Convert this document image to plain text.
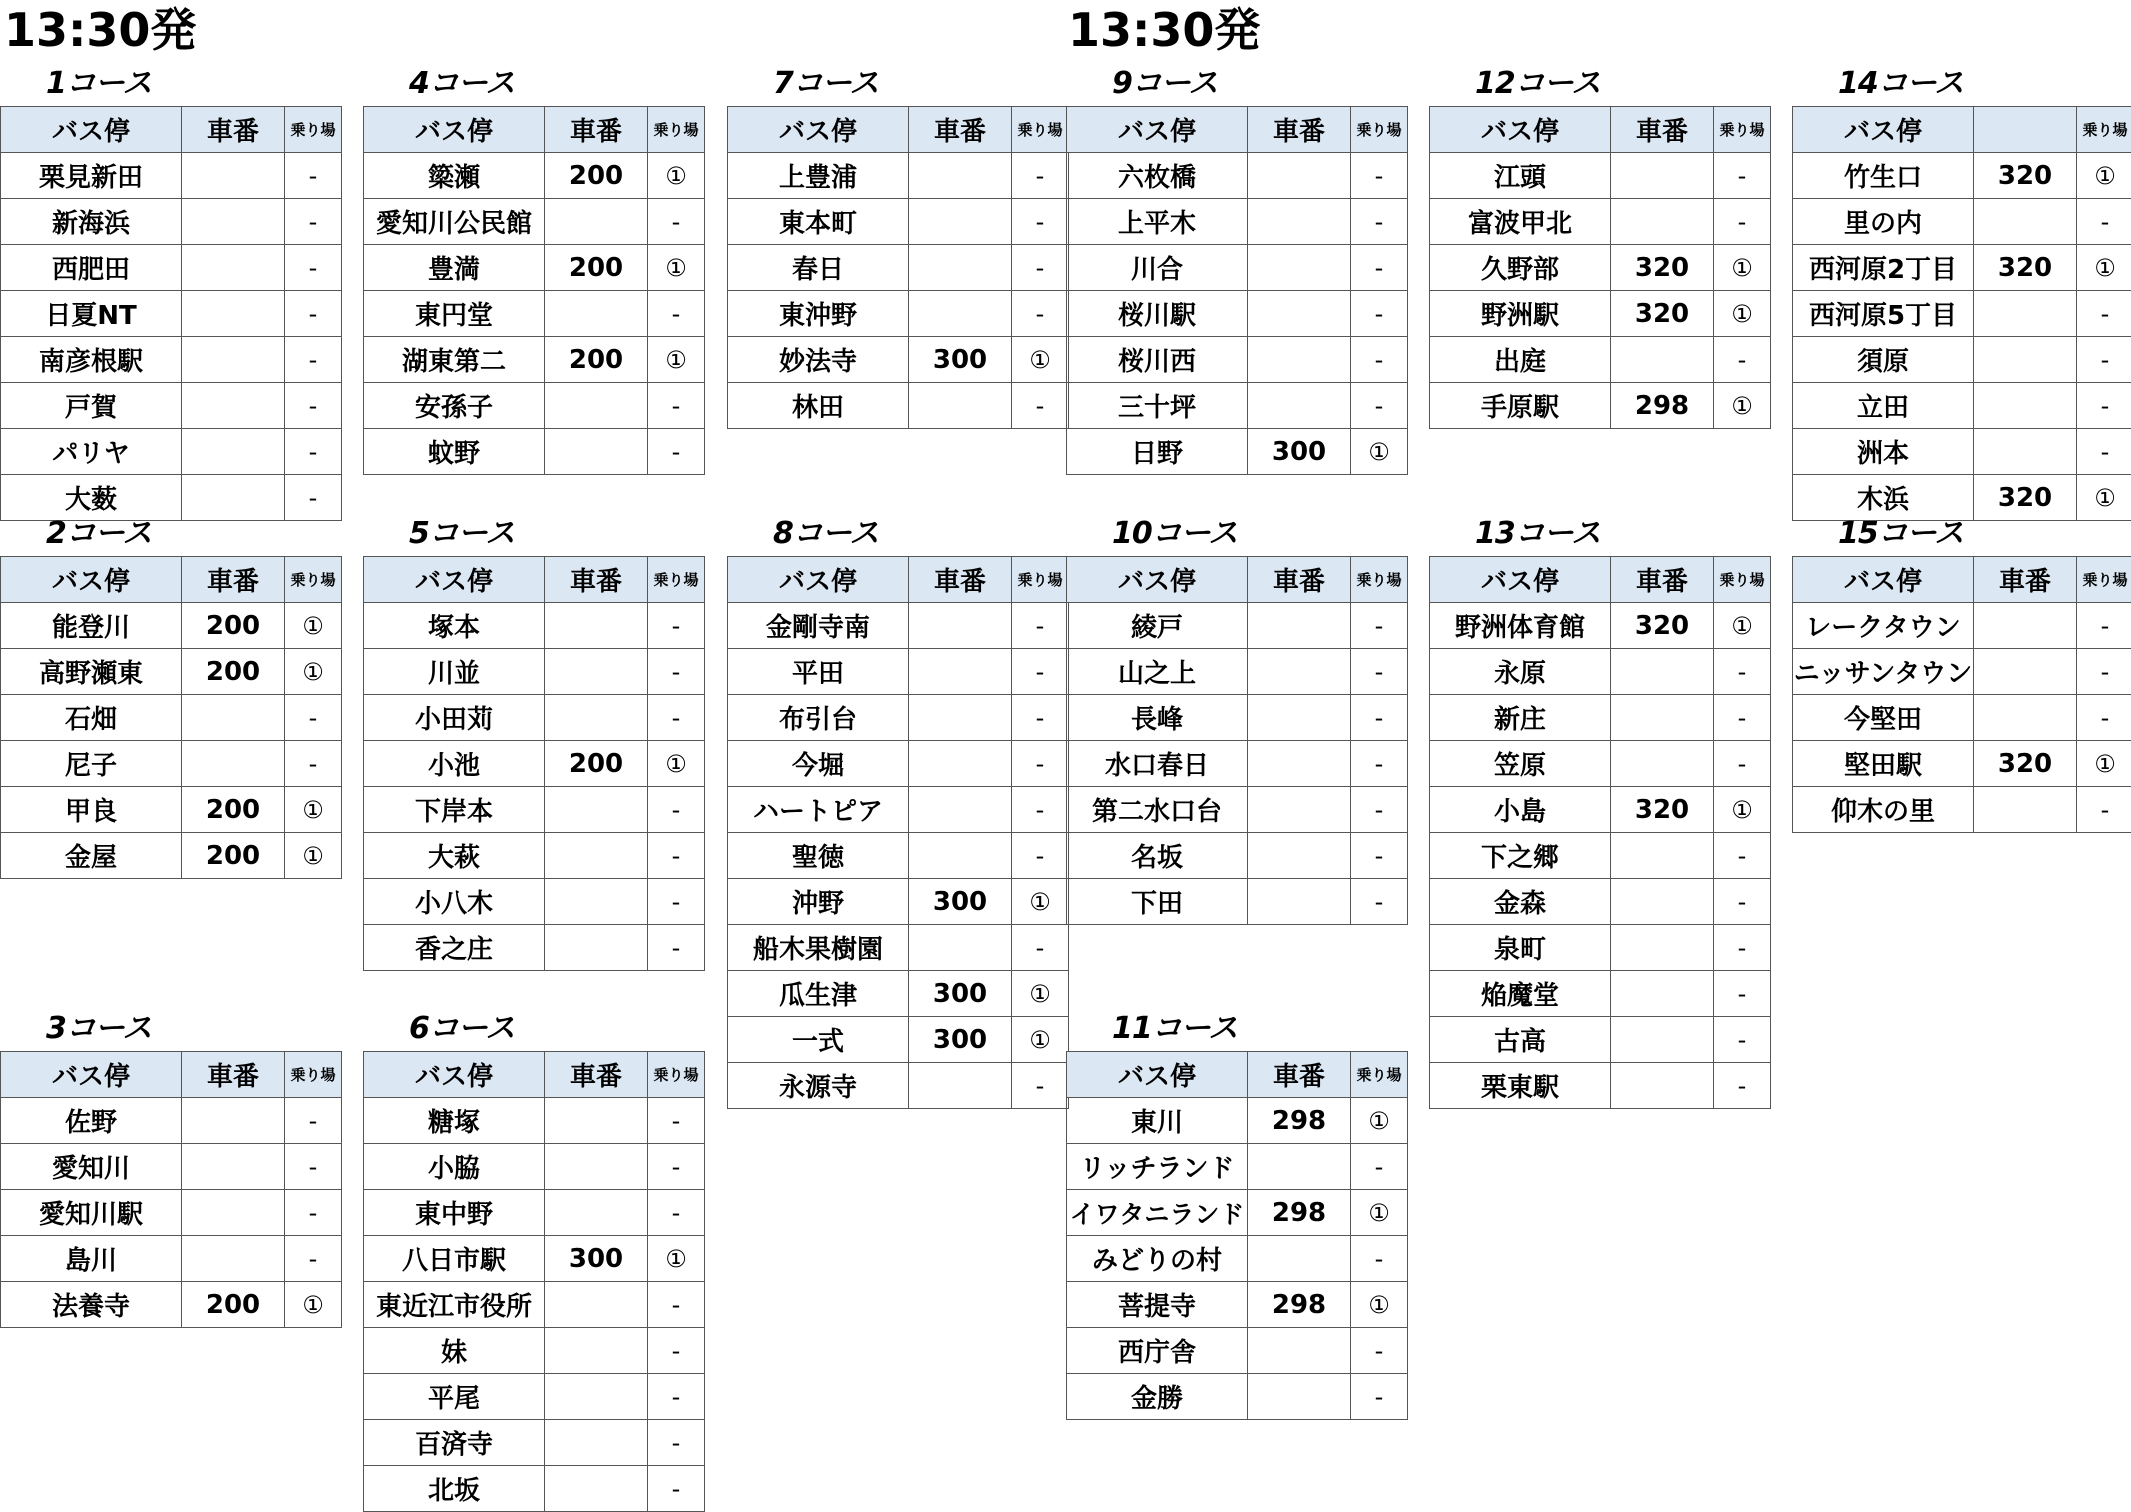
13:30発	13:30発
1コース
バス停	車番	乗り場
栗見新田		-
新海浜		-
西肥田		-
日夏NT		-
南彦根駅		-
戸賀		-
パリヤ		-
大薮		-
2コース
バス停	車番	乗り場
能登川	200	①
高野瀬東	200	①
石畑		-
尼子		-
甲良	200	①
金屋	200	①
3コース
バス停	車番	乗り場
佐野		-
愛知川		-
愛知川駅		-
島川		-
法養寺	200	①
4コース
バス停	車番	乗り場
簗瀬	200	①
愛知川公民館		-
豊満	200	①
東円堂		-
湖東第二	200	①
安孫子		-
蚊野		-
5コース
バス停	車番	乗り場
塚本		-
川並		-
小田苅		-
小池	200	①
下岸本		-
大萩		-
小八木		-
香之庄		-
6コース
バス停	車番	乗り場
糖塚		-
小脇		-
東中野		-
八日市駅	300	①
東近江市役所		-
妹		-
平尾		-
百済寺		-
北坂		-
7コース
バス停	車番	乗り場
上豊浦		-
東本町		-
春日		-
東沖野		-
妙法寺	300	①
林田		-
8コース
バス停	車番	乗り場
金剛寺南		-
平田		-
布引台		-
今堀		-
ハートピア		-
聖徳		-
沖野	300	①
船木果樹園		-
瓜生津	300	①
一式	300	①
永源寺		-
9コース
バス停	車番	乗り場
六枚橋		-
上平木		-
川合		-
桜川駅		-
桜川西		-
三十坪		-
日野	300	①
10コース
バス停	車番	乗り場
綾戸		-
山之上		-
長峰		-
水口春日		-
第二水口台		-
名坂		-
下田		-
11コース
バス停	車番	乗り場
東川	298	①
リッチランド		-
イワタニランド	298	①
みどりの村		-
菩提寺	298	①
西庁舎		-
金勝		-
12コース
バス停	車番	乗り場
江頭		-
富波甲北		-
久野部	320	①
野洲駅	320	①
出庭		-
手原駅	298	①
13コース
バス停	車番	乗り場
野洲体育館	320	①
永原		-
新庄		-
笠原		-
小島	320	①
下之郷		-
金森		-
泉町		-
焔魔堂		-
古高		-
栗東駅		-
14コース
バス停		乗り場
竹生口	320	①
里の内		-
西河原2丁目	320	①
西河原5丁目		-
須原		-
立田		-
洲本		-
木浜	320	①
15コース
バス停	車番	乗り場
レークタウン		-
ニッサンタウン		-
今堅田		-
堅田駅	320	①
仰木の里		-
